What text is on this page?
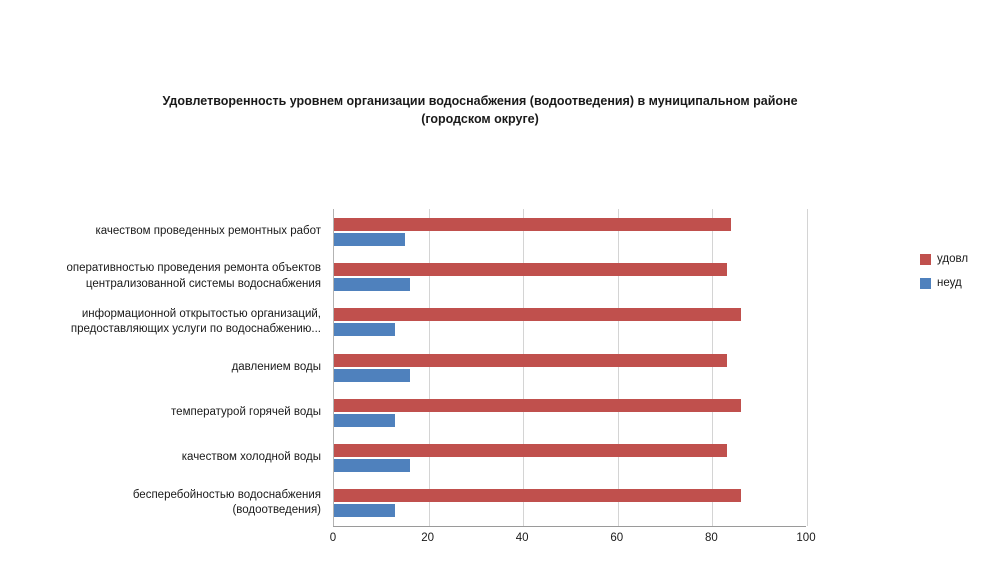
Удовлетворенность уровнем организации водоснабжения (водоотведения) в муниципальном районе
(городском округе)
0	20	40	60	80	100
бесперебойностью водоснабжения
(водоотведения)
качеством холодной воды
температурой горячей воды
давлением воды
информационной открытостью организаций,
предоставляющих услуги по водоснабжению...
оперативностью проведения ремонта объектов
централизованной системы водоснабжения
качеством проведенных ремонтных работ
удовл
неуд
